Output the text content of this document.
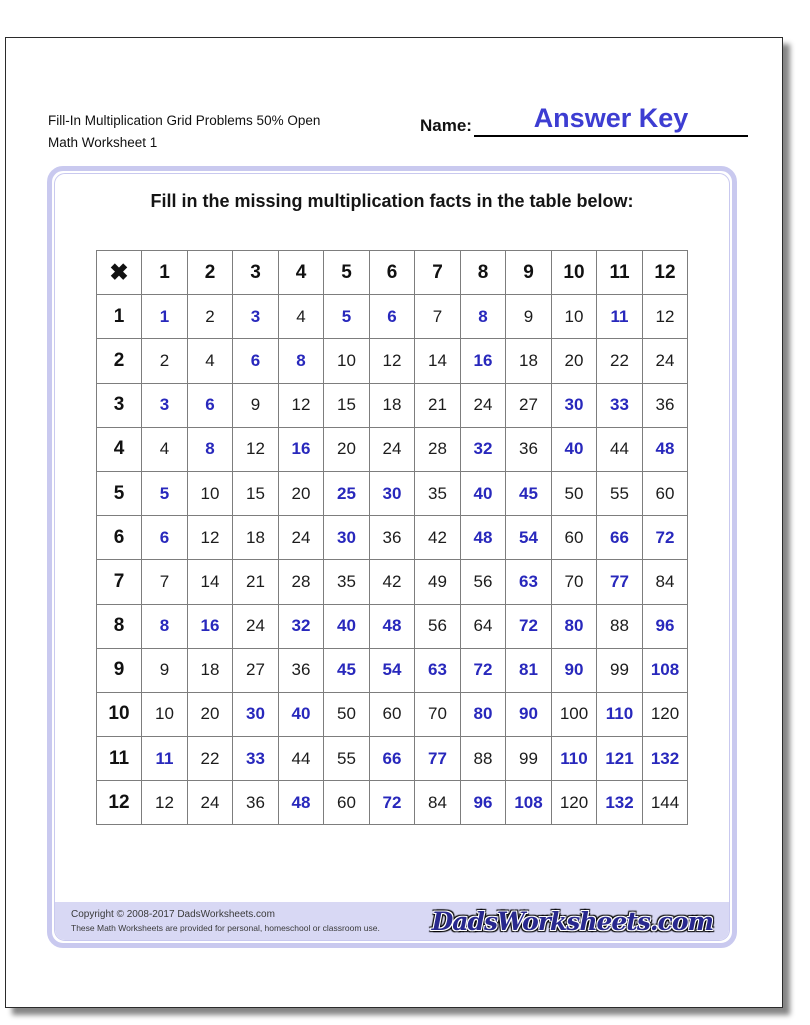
Fill-In Multiplication Grid Problems 50% Open
Math Worksheet 1
Name:	Answer Key
Fill in the missing multiplication facts in the table below:
✖	1	2	3	4	5	6	7	8	9	10	11	12
1	1	2	3	4	5	6	7	8	9	10	11	12
2	2	4	6	8	10	12	14	16	18	20	22	24
3	3	6	9	12	15	18	21	24	27	30	33	36
4	4	8	12	16	20	24	28	32	36	40	44	48
5	5	10	15	20	25	30	35	40	45	50	55	60
6	6	12	18	24	30	36	42	48	54	60	66	72
7	7	14	21	28	35	42	49	56	63	70	77	84
8	8	16	24	32	40	48	56	64	72	80	88	96
9	9	18	27	36	45	54	63	72	81	90	99	108
10	10	20	30	40	50	60	70	80	90	100	110	120
11	11	22	33	44	55	66	77	88	99	110	121	132
12	12	24	36	48	60	72	84	96	108	120	132	144
Copyright © 2008-2017 DadsWorksheets.com
These Math Worksheets are provided for personal, homeschool or classroom use. DadsWorksheets.com
